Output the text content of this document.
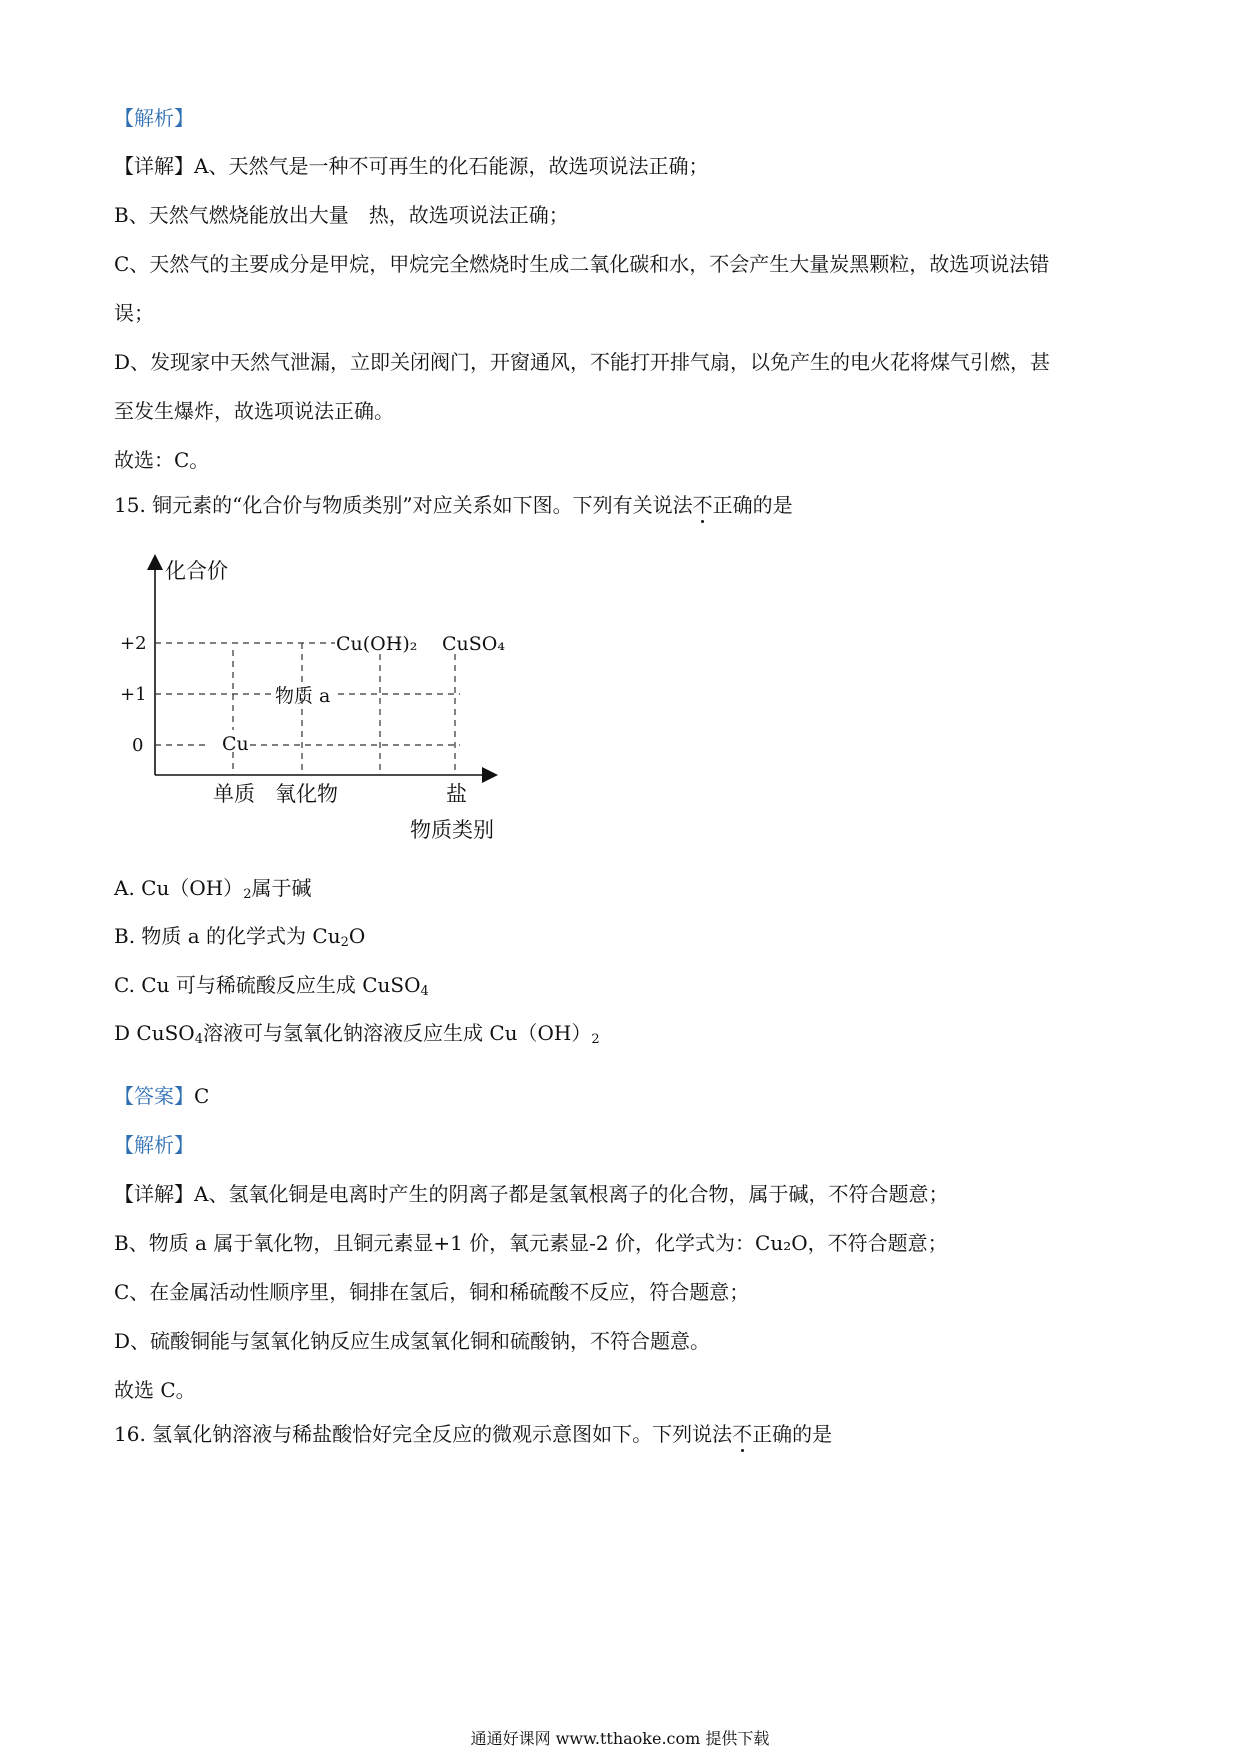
【解析】
【详解】A、天然气是一种不可再生的化石能源，故选项说法正确；
B、天然气燃烧能放出大量　热，故选项说法正确；
C、天然气的主要成分是甲烷，甲烷完全燃烧时生成二氧化碳和水，不会产生大量炭黑颗粒，故选项说法错
误；
D、发现家中天然气泄漏，立即关闭阀门，开窗通风，不能打开排气扇，以免产生的电火花将煤气引燃，甚
至发生爆炸，故选项说法正确。
故选：C。
15. 铜元素的“化合价与物质类别”对应关系如下图。下列有关说法不正确的是
化合价
+2
+1
0	Cu
物质 a
Cu(OH)₂ CuSO₄
单质 氧化物	盐
物质类别
A. $Cu(OH)_2$属于碱
B. 物质 a 的化学式为 $Cu_2O$
C. Cu 可与稀硫酸反应生成 CuSO$_4$
D CuSO$_4$溶液可与氢氧化钠溶液反应生成 $Cu(OH)_2$
【答案】C
【解析】
【详解】A、氢氧化铜是电离时产生的阴离子都是氢氧根离子的化合物，属于碱，不符合题意；
B、物质 a 属于氧化物，且铜元素显+1 价，氧元素显-2 价，化学式为：Cu₂O，不符合题意；
C、在金属活动性顺序里，铜排在氢后，铜和稀硫酸不反应，符合题意；
D、硫酸铜能与氢氧化钠反应生成氢氧化铜和硫酸钠，不符合题意。
故选 C。
16. 氢氧化钠溶液与稀盐酸恰好完全反应的微观示意图如下。下列说法不正确的是
通通好课网 www.tthaoke.com 提供下载
